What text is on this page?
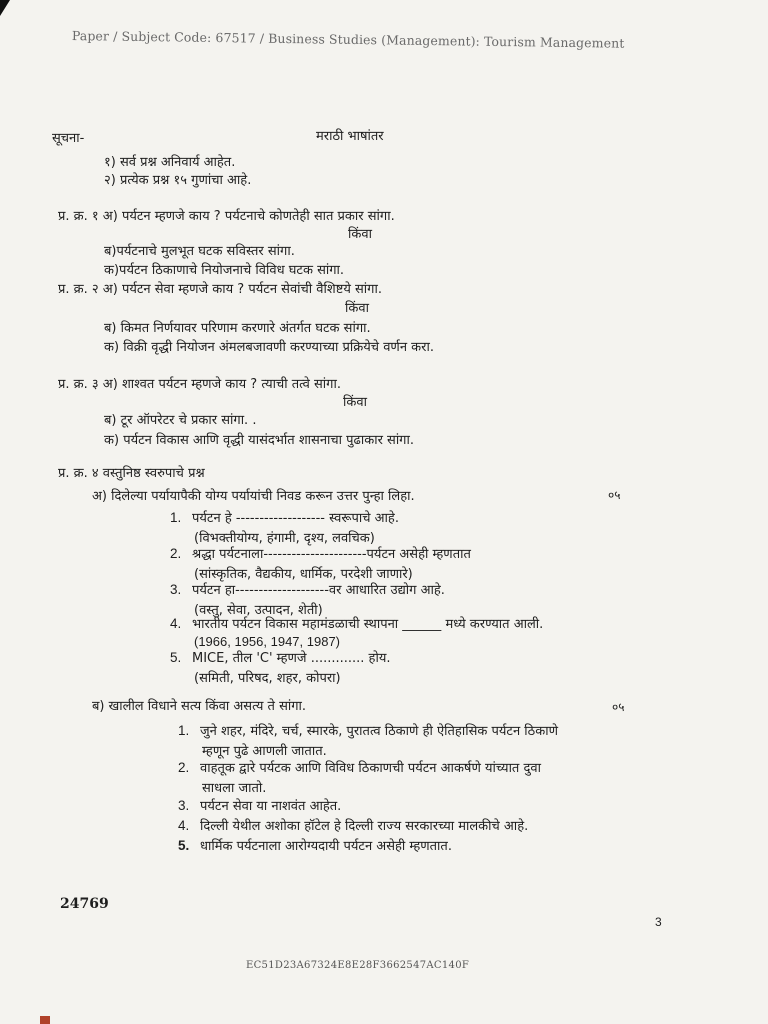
Paper / Subject Code: 67517 / Business Studies (Management): Tourism Management
सूचना-	मराठी भाषांतर
१) सर्व प्रश्न अनिवार्य आहेत.
२) प्रत्येक प्रश्न १५ गुणांचा आहे.
प्र. क्र. १ अ) पर्यटन म्हणजे काय ? पर्यटनाचे कोणतेही सात प्रकार सांगा.
किंवा
ब)पर्यटनाचे मुलभूत घटक सविस्तर सांगा.
क)पर्यटन ठिकाणाचे नियोजनाचे विविध घटक सांगा.
प्र. क्र. २ अ) पर्यटन सेवा म्हणजे काय ? पर्यटन सेवांची वैशिष्टये सांगा.
किंवा
ब) किमत निर्णयावर परिणाम करणारे अंतर्गत घटक सांगा.
क) विक्री वृद्धी नियोजन अंमलबजावणी करण्याच्या प्रक्रियेचे वर्णन करा.
प्र. क्र. ३ अ) शाश्वत पर्यटन म्हणजे काय ? त्याची तत्वे सांगा.
किंवा
ब) टूर ऑपरेटर चे प्रकार सांगा. .
क) पर्यटन विकास आणि वृद्धी यासंदर्भात शासनाचा पुढाकार सांगा.
प्र. क्र. ४ वस्तुनिष्ठ स्वरुपाचे प्रश्न
अ) दिलेल्या पर्यायापैकी योग्य पर्यायांची निवड करून उत्तर पुन्हा लिहा.	०५
1. पर्यटन हे ------------------- स्वरूपाचे आहे.
(विभक्तीयोग्य, हंगामी, दृश्य, लवचिक)
2. श्रद्धा पर्यटनाला----------------------पर्यटन असेही म्हणतात
(सांस्कृतिक, वैद्यकीय, धार्मिक, परदेशी जाणारे)
3. पर्यटन हा--------------------वर आधारित उद्योग आहे.
(वस्तु, सेवा, उत्पादन, शेती)
4. भारतीय पर्यटन विकास महामंडळाची स्थापना ______ मध्ये करण्यात आली.
(1966, 1956, 1947, 1987)
5. MICE, तील 'C' म्हणजे ............. होय.
(समिती, परिषद, शहर, कोपरा)
ब) खालील विधाने सत्य किंवा असत्य ते सांगा.	०५
1. जुने शहर, मंदिरे, चर्च, स्मारके, पुरातत्व ठिकाणे ही ऐतिहासिक पर्यटन ठिकाणे
म्हणून पुढे आणली जातात.
2. वाहतूक द्वारे पर्यटक आणि विविध ठिकाणची पर्यटन आकर्षणे यांच्यात दुवा
साधला जातो.
3. पर्यटन सेवा या नाशवंत आहेत.
4. दिल्ली येथील अशोका हॉटेल हे दिल्ली राज्य सरकारच्या मालकीचे आहे.
5. धार्मिक पर्यटनाला आरोग्यदायी पर्यटन असेही म्हणतात.
24769
3
EC51D23A67324E8E28F3662547AC140F
